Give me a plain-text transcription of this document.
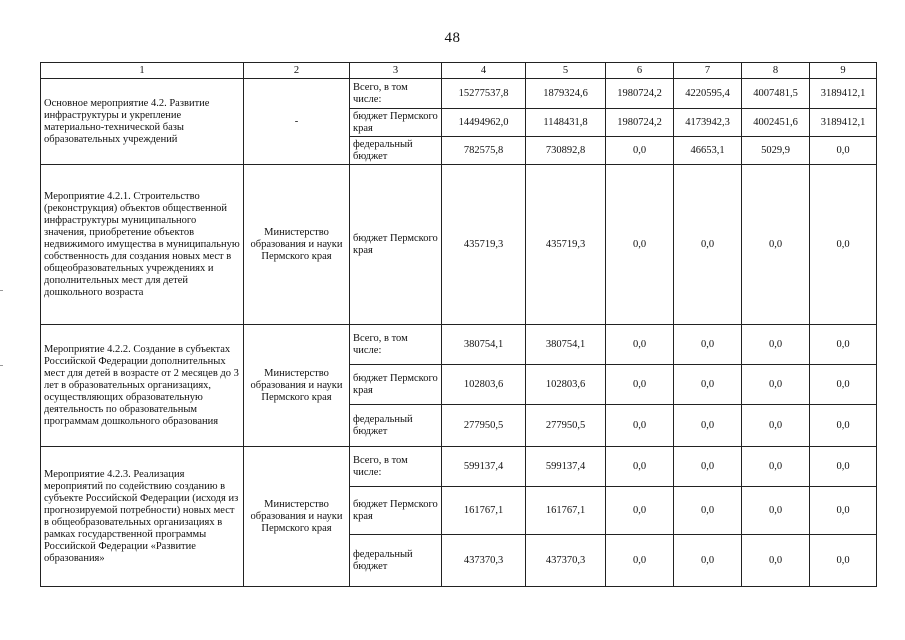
48
1	2	3	4	5	6	7	8	9
Основное мероприятие 4.2. Развитие инфраструктуры и укрепление материально-технической базы образовательных учреждений	-	Всего, в том числе:	15277537,8	1879324,6	1980724,2	4220595,4	4007481,5	3189412,1
		бюджет Пермского края	14494962,0	1148431,8	1980724,2	4173942,3	4002451,6	3189412,1
		федеральный бюджет	782575,8	730892,8	0,0	46653,1	5029,9	0,0
Мероприятие 4.2.1. Строительство (реконструкция) объектов общественной инфраструктуры муниципального значения, приобретение объектов недвижимого имущества в муниципальную собственность для создания новых мест в общеобразовательных учреждениях и дополнительных мест для детей дошкольного возраста	Министерство образования и науки Пермского края	бюджет Пермского края	435719,3	435719,3	0,0	0,0	0,0	0,0
Мероприятие 4.2.2. Создание в субъектах Российской Федерации дополнительных мест для детей в возрасте от 2 месяцев до 3 лет в образовательных организациях, осуществляющих образовательную деятельность по образовательным программам дошкольного образования	Министерство образования и науки Пермского края	Всего, в том числе:	380754,1	380754,1	0,0	0,0	0,0	0,0
		бюджет Пермского края	102803,6	102803,6	0,0	0,0	0,0	0,0
		федеральный бюджет	277950,5	277950,5	0,0	0,0	0,0	0,0
Мероприятие 4.2.3. Реализация мероприятий по содействию созданию в субъекте Российской Федерации (исходя из прогнозируемой потребности) новых мест в общеобразовательных организациях в рамках государственной программы Российской Федерации «Развитие образования»	Министерство образования и науки Пермского края	Всего, в том числе:	599137,4	599137,4	0,0	0,0	0,0	0,0
		бюджет Пермского края	161767,1	161767,1	0,0	0,0	0,0	0,0
		федеральный бюджет	437370,3	437370,3	0,0	0,0	0,0	0,0
